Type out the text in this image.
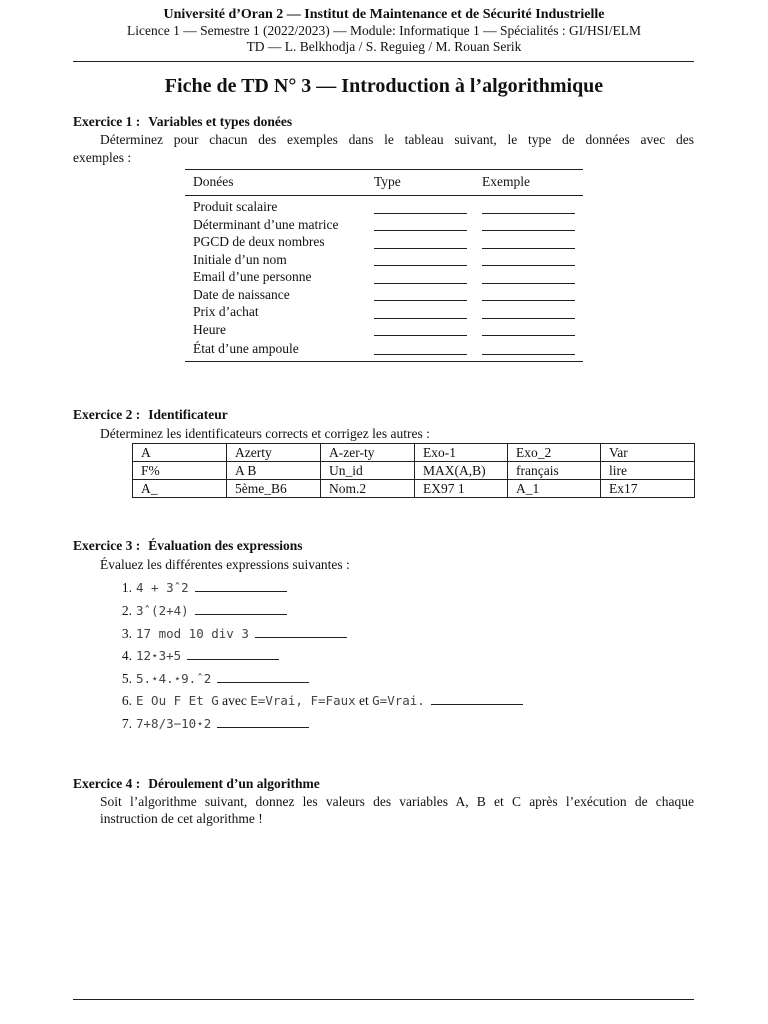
Université d’Oran 2 — Institut de Maintenance et de Sécurité Industrielle
Licence 1 — Semestre 1 (2022/2023) — Module: Informatique 1 — Spécialités : GI/HSI/ELM
TD — L. Belkhodja / S. Reguieg / M. Rouan Serik
Fiche de TD N° 3 — Introduction à l’algorithmique
Exercice 1 : Variables et types donées
Déterminez pour chacun des exemples dans le tableau suivant, le type de données avec des
exemples :
Donées	Type	Exemple
Produit scalaire
Déterminant d’une matrice
PGCD de deux nombres
Initiale d’un nom
Email d’une personne
Date de naissance
Prix d’achat
Heure
État d’une ampoule
Exercice 2 : Identificateur
Déterminez les identificateurs corrects et corrigez les autres :
A	Azerty	A-zer-ty	Exo-1	Exo_2	Var
F%	A B	Un_id	MAX(A,B)	français	lire
A_	5ème_B6	Nom.2	EX97 1	A_1	Ex17
Exercice 3 : Évaluation des expressions
Évaluez les différentes expressions suivantes :
1. 4 + 3ˆ2
2. 3ˆ(2+4)
3. 17 mod 10 div 3
4. 12⋆3+5
5. 5.⋆4.⋆9.ˆ2
6. E Ou F Et G avec E=Vrai, F=Faux et G=Vrai.
7. 7+8/3−10⋆2
Exercice 4 : Déroulement d’un algorithme
Soit l’algorithme suivant, donnez les valeurs des variables A, B et C après l’exécution de chaque
instruction de cet algorithme !
